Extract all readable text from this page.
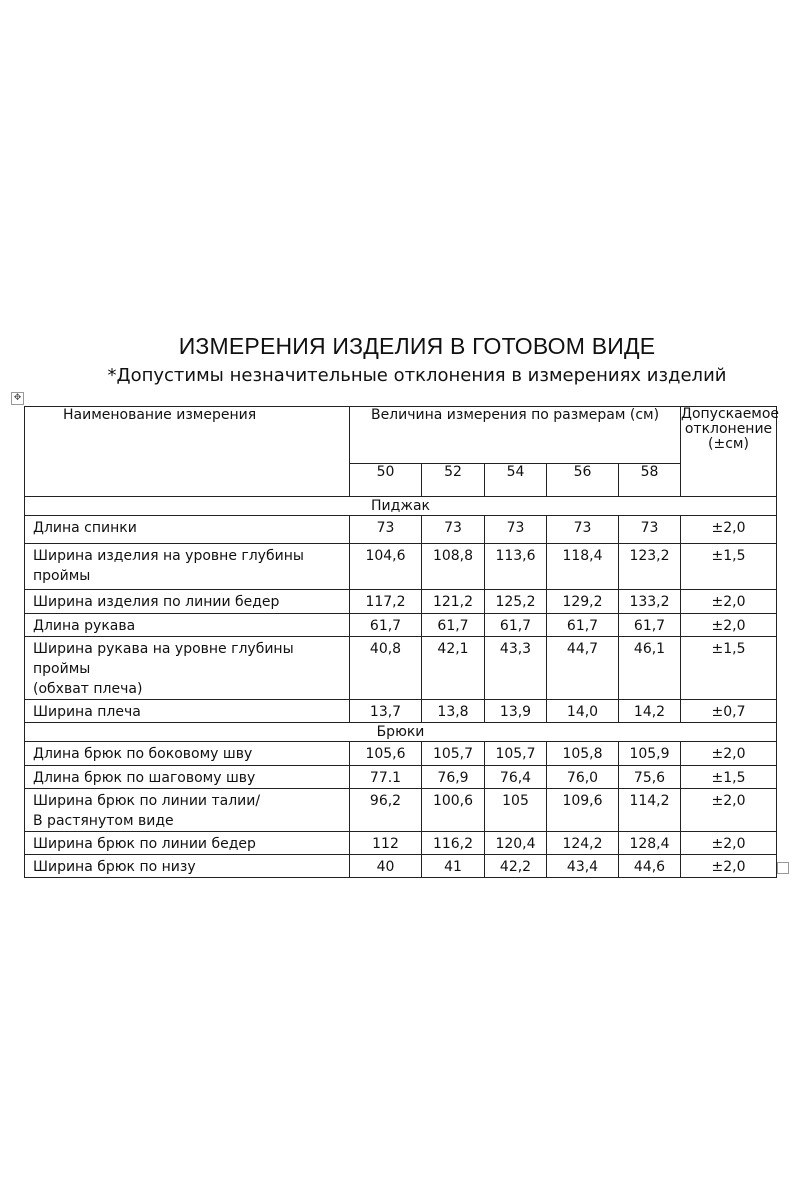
ИЗМЕРЕНИЯ ИЗДЕЛИЯ В ГОТОВОМ ВИДЕ
*Допустимы незначительные отклонения в измерениях изделий
✥
Наименование измерения	Величина измерения по размерам (см)					Допускаемое
отклонение
(±см)

	50	52	54	56	58	
Пиджак						

Длина спинки	73	73	73	73	73	±2,0

Ширина изделия на уровне глубины
проймы	104,6	108,8	113,6	118,4	123,2	±1,5

Ширина изделия по линии бедер	117,2	121,2	125,2	129,2	133,2	±2,0

Длина рукава	61,7	61,7	61,7	61,7	61,7	±2,0

Ширина рукава на уровне глубины проймы
(обхват плеча)	40,8	42,1	43,3	44,7	46,1	±1,5

Ширина плеча	13,7	13,8	13,9	14,0	14,2	±0,7
Брюки						

Длина брюк по боковому шву	105,6	105,7	105,7	105,8	105,9	±2,0

Длина брюк по шаговому шву	77.1	76,9	76,4	76,0	75,6	±1,5

Ширина брюк по линии талии/
В растянутом виде	96,2	100,6	105	109,6	114,2	±2,0

Ширина брюк по линии бедер	112	116,2	120,4	124,2	128,4	±2,0

Ширина брюк по низу	40	41	42,2	43,4	44,6	±2,0
